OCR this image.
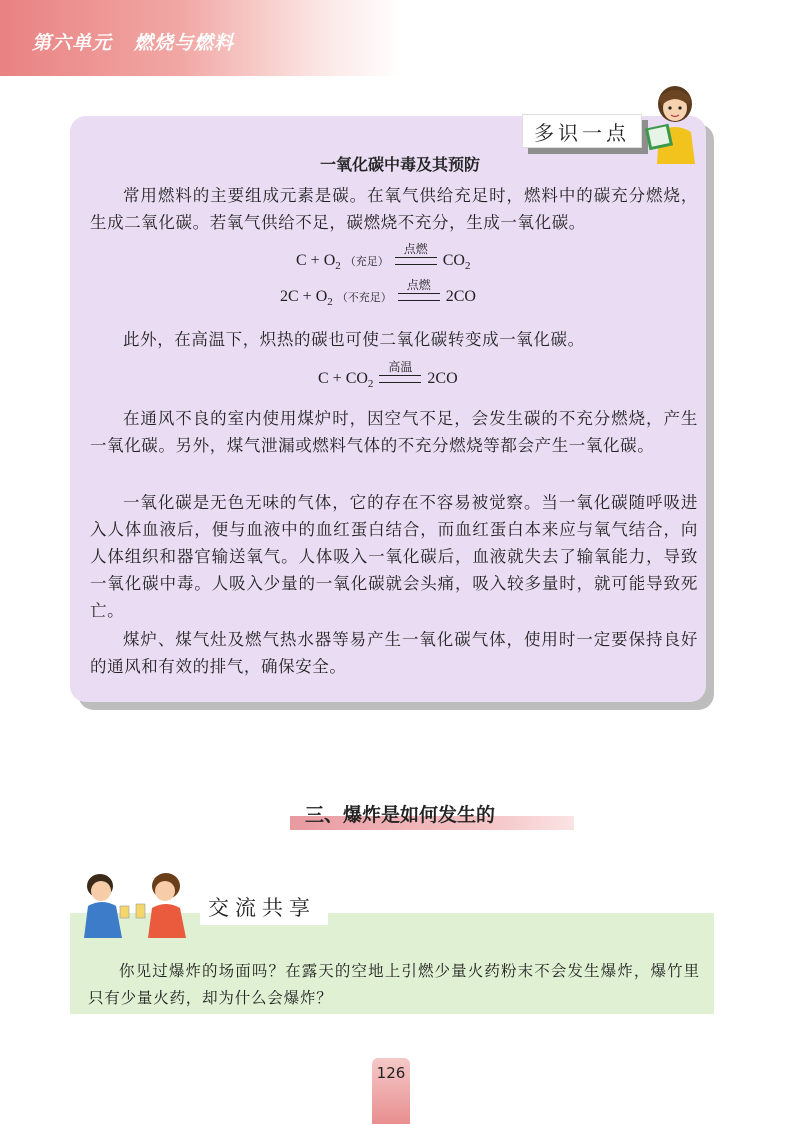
第六单元 燃烧与燃料
多识一点
一氧化碳中毒及其预防

常用燃料的主要组成元素是碳。在氧气供给充足时，燃料中的碳充分燃烧，生成二氧化碳。若氧气供给不足，碳燃烧不充分，生成一氧化碳。

$C + O_2$ （充足）
点燃
$CO_2$
$2C + O_2$ （不充足）
点燃
2CO

此外，在高温下，炽热的碳也可使二氧化碳转变成一氧化碳。

$C + CO_2$
高温
2CO

在通风不良的室内使用煤炉时，因空气不足，会发生碳的不充分燃烧，产生一氧化碳。另外，煤气泄漏或燃料气体的不充分燃烧等都会产生一氧化碳。

一氧化碳是无色无味的气体，它的存在不容易被觉察。当一氧化碳随呼吸进入人体血液后，便与血液中的血红蛋白结合，而血红蛋白本来应与氧气结合，向人体组织和器官输送氧气。人体吸入一氧化碳后，血液就失去了输氧能力，导致一氧化碳中毒。人吸入少量的一氧化碳就会头痛，吸入较多量时，就可能导致死亡。

煤炉、煤气灶及燃气热水器等易产生一氧化碳气体，使用时一定要保持良好的通风和有效的排气，确保安全。

三、爆炸是如何发生的
交流共享

你见过爆炸的场面吗？在露天的空地上引燃少量火药粉末不会发生爆炸，爆竹里只有少量火药，却为什么会爆炸？

126
